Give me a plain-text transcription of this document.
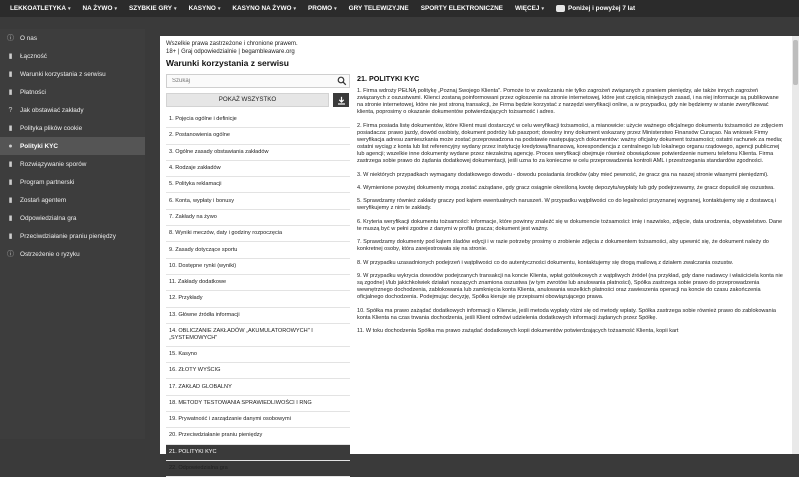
LEKKOATLETYKA ▾ NA ŻYWO ▾ SZYBKIE GRY ▾ KASYNO ▾ KASYNO NA ŻYWO ▾ PROMO ▾ GRY TELEWIZYJNE SPORTY ELEKTRONICZNE WIĘCEJ ▾	Poniżej i powyżej 7 lat
ⓘ O nas
▮ Łączność
▮ Warunki korzystania z serwisu
▮ Płatności
? Jak obstawiać zakłady
▮ Polityka plików cookie
● Polityki KYC
▮ Rozwiązywanie sporów
▮ Program partnerski
▮ Zostań agentem
▮ Odpowiedzialna gra
▮ Przeciwdziałanie praniu pieniędzy
ⓘ Ostrzeżenie o ryzyku
Wszelkie prawa zastrzeżone i chronione prawem.
18+ | Graj odpowiedzialnie | begambleaware.org
Warunki korzystania z serwisu
Szukaj
POKAŻ WSZYSTKO
1. Pojęcia ogólne i definicje
2. Postanowienia ogólne
3. Ogólne zasady obstawiania zakładów
4. Rodzaje zakładów
5. Polityka reklamacji
6. Konta, wypłaty i bonusy
7. Zakłady na żywo
8. Wyniki meczów, daty i godziny rozpoczęcia
9. Zasady dotyczące sportu
10. Dostępne rynki (wyniki)
11. Zakłady dodatkowe
12. Przykłady
13. Główne źródła informacji
14. OBLICZANIE ZAKŁADÓW „AKUMULATOROWYCH" I „SYSTEMOWYCH"
15. Kasyno
16. ZŁOTY WYŚCIG
17. ZAKŁAD GLOBALNY
18. METODY TESTOWANIA SPRAWIEDLIWOŚCI I RNG
19. Prywatność i zarządzanie danymi osobowymi
20. Przeciwdziałanie praniu pieniędzy
21. POLITYKI KYC
22. Odpowiedzialna gra
21. POLITYKI KYC

1. Firma wdroży PEŁNĄ politykę „Poznaj Swojego Klienta". Pomoże to w zwalczaniu nie tylko zagrożeń związanych z praniem pieniędzy, ale także innych zagrożeń związanych z oszustwami. Klienci zostaną poinformowani przez ogłoszenie na stronie internetowej, które jest częścią niniejszych zasad, i na niej informacje są publikowane na stronie internetowej, które nie jest stroną transakcji, że Firma będzie korzystać z narzędzi weryfikacji online, a w przypadku, gdy nie będziemy w stanie zweryfikować klienta, poprosimy o okazanie dokumentów potwierdzających tożsamość i adres.

2. Firma posiada listę dokumentów, które Klient musi dostarczyć w celu weryfikacji tożsamości, a mianowicie: użycie ważnego oficjalnego dokumentu tożsamości ze zdjęciem posiadacza: prawo jazdy, dowód osobisty, dokument podróży lub paszport; dowolny inny dokument wskazany przez Ministerstwo Finansów Curaçao. Na wniosek Firmy weryfikacja adresu zamieszkania może zostać przeprowadzona na podstawie następujących dokumentów: ważny oficjalny dokument tożsamości; ostatni rachunek za media; ostatni wyciąg z konta lub list referencyjny wydany przez instytucję kredytową/finansową, korespondencja z centralnego lub lokalnego organu rządowego, agencji publicznej lub agencji; wszelkie inne dokumenty wydane przez niezależną agencję. Proces weryfikacji obejmuje również obowiązkowe potwierdzenie numeru telefonu Klienta. Firma zastrzega sobie prawo do żądania dodatkowej dokumentacji, jeśli uzna to za konieczne w celu przeprowadzenia kontroli AML i przestrzegania standardów zgodności.

3. W niektórych przypadkach wymagany dodatkowego dowodu - dowodu posiadania środków (aby mieć pewność, że gracz gra na naszej stronie własnymi pieniędzmi).

4. Wymienione powyżej dokumenty mogą zostać zażądane, gdy gracz osiągnie określoną kwotę depozytu/wypłaty lub gdy podejrzewamy, że gracz dopuścił się oszustwa.

5. Sprawdzamy również zakłady graczy pod kątem ewentualnych naruszeń. W przypadku wątpliwości co do legalności przyznanej wygranej, kontaktujemy się z dostawcą i weryfikujemy z nim te zakłady.

6. Kryteria weryfikacji dokumentu tożsamości: informacje, które powinny znaleźć się w dokumencie tożsamości: imię i nazwisko, zdjęcie, data urodzenia, obywatelstwo. Dane te muszą być w pełni zgodne z danymi w profilu gracza; dokument jest ważny.

7. Sprawdzamy dokumenty pod kątem śladów edycji i w razie potrzeby prosimy o zrobienie zdjęcia z dokumentem tożsamości, aby upewnić się, że dokument należy do konkretnej osoby, która zarejestrowała się na stronie.

8. W przypadku uzasadnionych podejrzeń i wątpliwości co do autentyczności dokumentu, kontaktujemy się drogą mailową z działem zwalczania oszustw.

9. W przypadku wykrycia dowodów podejrzanych transakcji na koncie Klienta, wpłat gotówkowych z wątpliwych źródeł (na przykład, gdy dane nadawcy i właściciela konta nie są zgodne) i/lub jakichkolwiek działań noszących znamiona oszustwa (w tym zwrotów lub anulowania płatności), Spółka zastrzega sobie prawo do przeprowadzenia wewnętrznego dochodzenia, zablokowania lub zamknięcia konta Klienta, anulowania wszelkich płatności oraz zawieszenia operacji na koncie do czasu zakończenia oficjalnego dochodzenia. Podejmując decyzję, Spółka kieruje się przepisami obowiązującego prawa.

10. Spółka ma prawo zażądać dodatkowych informacji o Kliencie, jeśli metoda wypłaty różni się od metody wpłaty. Spółka zastrzega sobie również prawo do zablokowania konta Klienta na czas trwania dochodzenia, jeśli Klient odmówi udzielenia dodatkowych informacji żądanych przez Spółkę.

11. W toku dochodzenia Spółka ma prawo zażądać dodatkowych kopii dokumentów potwierdzających tożsamość Klienta, kopii kart
